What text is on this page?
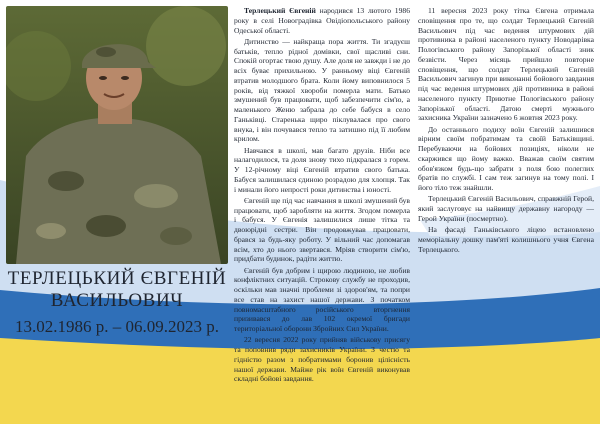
ТЕРЛЕЦЬКИЙ ЄВГЕНІЙ
ВАСИЛЬОВИЧ
13.02.1986 р. – 06.09.2023 р.

Терлецький Євгеній народився 13 лютого 1986 року в селі Новоградівка Овідіопольського району Одеської області.

Дитинство — найкраща пора життя. Ти згадуєш батьків, тепло рідної домівки, свої щасливі сни. Спокій огортає твою душу. Але доля не завжди і не до всіх буває прихильною. У ранньому віці Євгеній втратив молодшого брата. Коли йому виповнилося 5 років, від тяжкої хвороби померла мати. Батько змушений був працювати, щоб забезпечити сім'ю, а маленького Женю забрала до себе бабуся в село Ганьківці. Старенька щиро піклувалася про свого внука, і він почувався тепло та затишно під її любим крилом.

Навчався в школі, мав багато друзів. Ніби все налагодилося, та доля знову тихо підкралася з горем. У 12-річному віці Євгеній втратив свого батька. Бабуся залишилася єдиною розрадою для хлопця. Так і минали його непрості роки дитинства і юності.

Євгеній ще під час навчання в школі змушений був працювати, щоб заробляти на життя. Згодом померла і бабуся. У Євгенія залишилися лише тітка та двоюрідні сестри. Він продовжував працювати, брався за будь-яку роботу. У вільний час допомагав всім, хто до нього звертався. Мріяв створити сім'ю, придбати будинок, радіти життю.

Євгеній був добрим і щирою людиною, не любив конфліктних ситуацій. Строкову службу не проходив, оскільки мав значні проблеми зі здоров'ям, та попри все став на захист нашої держави. З початком повномасштабного російського вторгнення призивався до лав 102 окремої бригади територіальної оборони Збройних Сил України.

22 вересня 2022 року прийняв військову присягу та поповнив ряди захисників України. З честю та гідністю разом з побратимами боронив цілісність нашої держави. Майже рік воїн Євгеній виконував складні бойові завдання.

11 вересня 2023 року тітка Євгена отримала сповіщення про те, що солдат Терлецький Євгеній Васильович під час ведення штурмових дій противника в районі населеного пункту Новодарівка Пологівського району Запорізької області зник безвісти. Через місяць прийшло повторне сповіщення, що солдат Терлецький Євгеній Васильович загинув при виконанні бойового завдання під час ведення штурмових дій противника в районі населеного пункту Приютне Пологівського району Запорізької області. Датою смерті мужнього захисника України зазначено 6 жовтня 2023 року.

До останнього подиху воїн Євгеній залишився вірним своїм побратимам та своїй Батьківщині. Перебуваючи на бойових позиціях, ніколи не скаржився що йому важко. Вважав своїм святим обов'язком будь-що забрати з поля бою полеглих братів по службі. І сам теж загинув на тому полі. І його тіло теж знайшли.

Терлецький Євгеній Васильович, справжній Герой, який заслуговує на найвищу державну нагороду — Герой України (посмертно).

На фасаді Ганьківського ліцею встановлено меморіальну дошку пам'яті колишнього учня Євгена Терлецького.
